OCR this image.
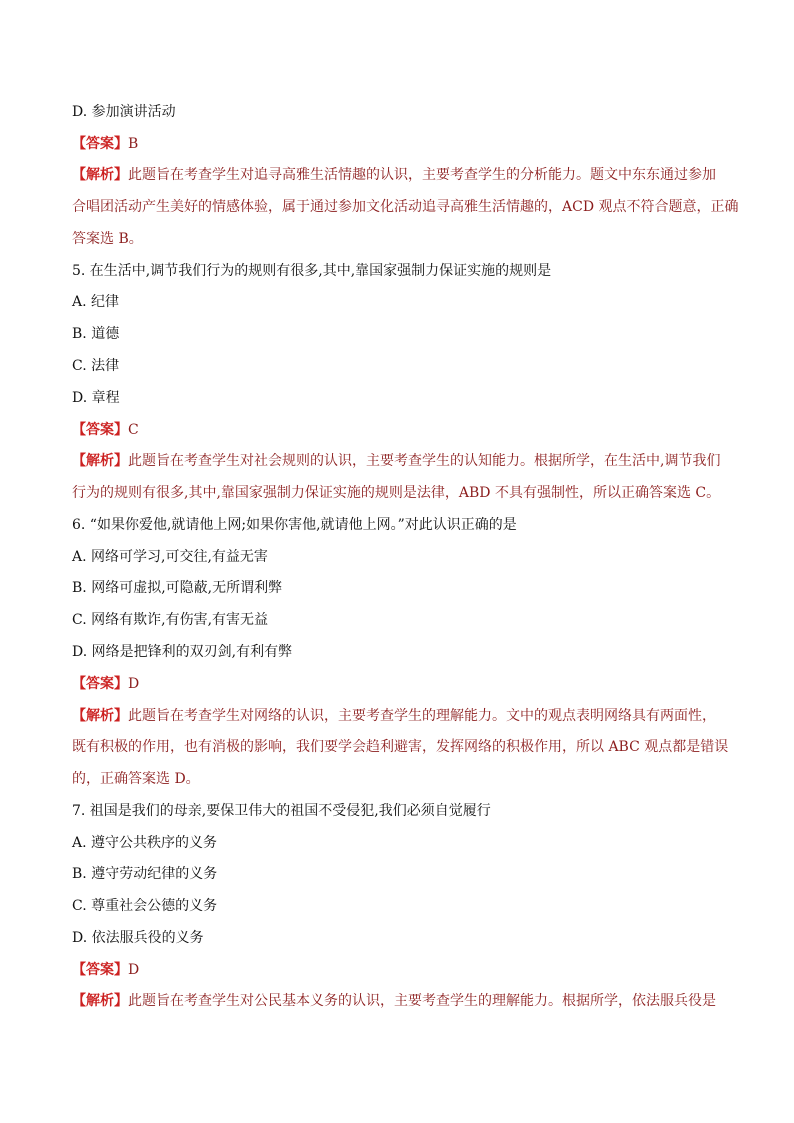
D. 参加演讲活动
【答案】B
【解析】此题旨在考查学生对追寻高雅生活情趣的认识，主要考查学生的分析能力。题文中东东通过参加
合唱团活动产生美好的情感体验，属于通过参加文化活动追寻高雅生活情趣的，ACD 观点不符合题意，正确
答案选 B。
5. 在生活中,调节我们行为的规则有很多,其中,靠国家强制力保证实施的规则是
A. 纪律
B. 道德
C. 法律
D. 章程
【答案】C
【解析】此题旨在考查学生对社会规则的认识，主要考查学生的认知能力。根据所学，在生活中,调节我们
行为的规则有很多,其中,靠国家强制力保证实施的规则是法律，ABD 不具有强制性，所以正确答案选 C。
6. “如果你爱他,就请他上网;如果你害他,就请他上网。”对此认识正确的是
A. 网络可学习,可交往,有益无害
B. 网络可虚拟,可隐蔽,无所谓利弊
C. 网络有欺诈,有伤害,有害无益
D. 网络是把锋利的双刃剑,有利有弊
【答案】D
【解析】此题旨在考查学生对网络的认识，主要考查学生的理解能力。文中的观点表明网络具有两面性，
既有积极的作用，也有消极的影响，我们要学会趋利避害，发挥网络的积极作用，所以 ABC 观点都是错误
的，正确答案选 D。
7. 祖国是我们的母亲,要保卫伟大的祖国不受侵犯,我们必须自觉履行
A. 遵守公共秩序的义务
B. 遵守劳动纪律的义务
C. 尊重社会公德的义务
D. 依法服兵役的义务
【答案】D
【解析】此题旨在考查学生对公民基本义务的认识，主要考查学生的理解能力。根据所学，依法服兵役是
